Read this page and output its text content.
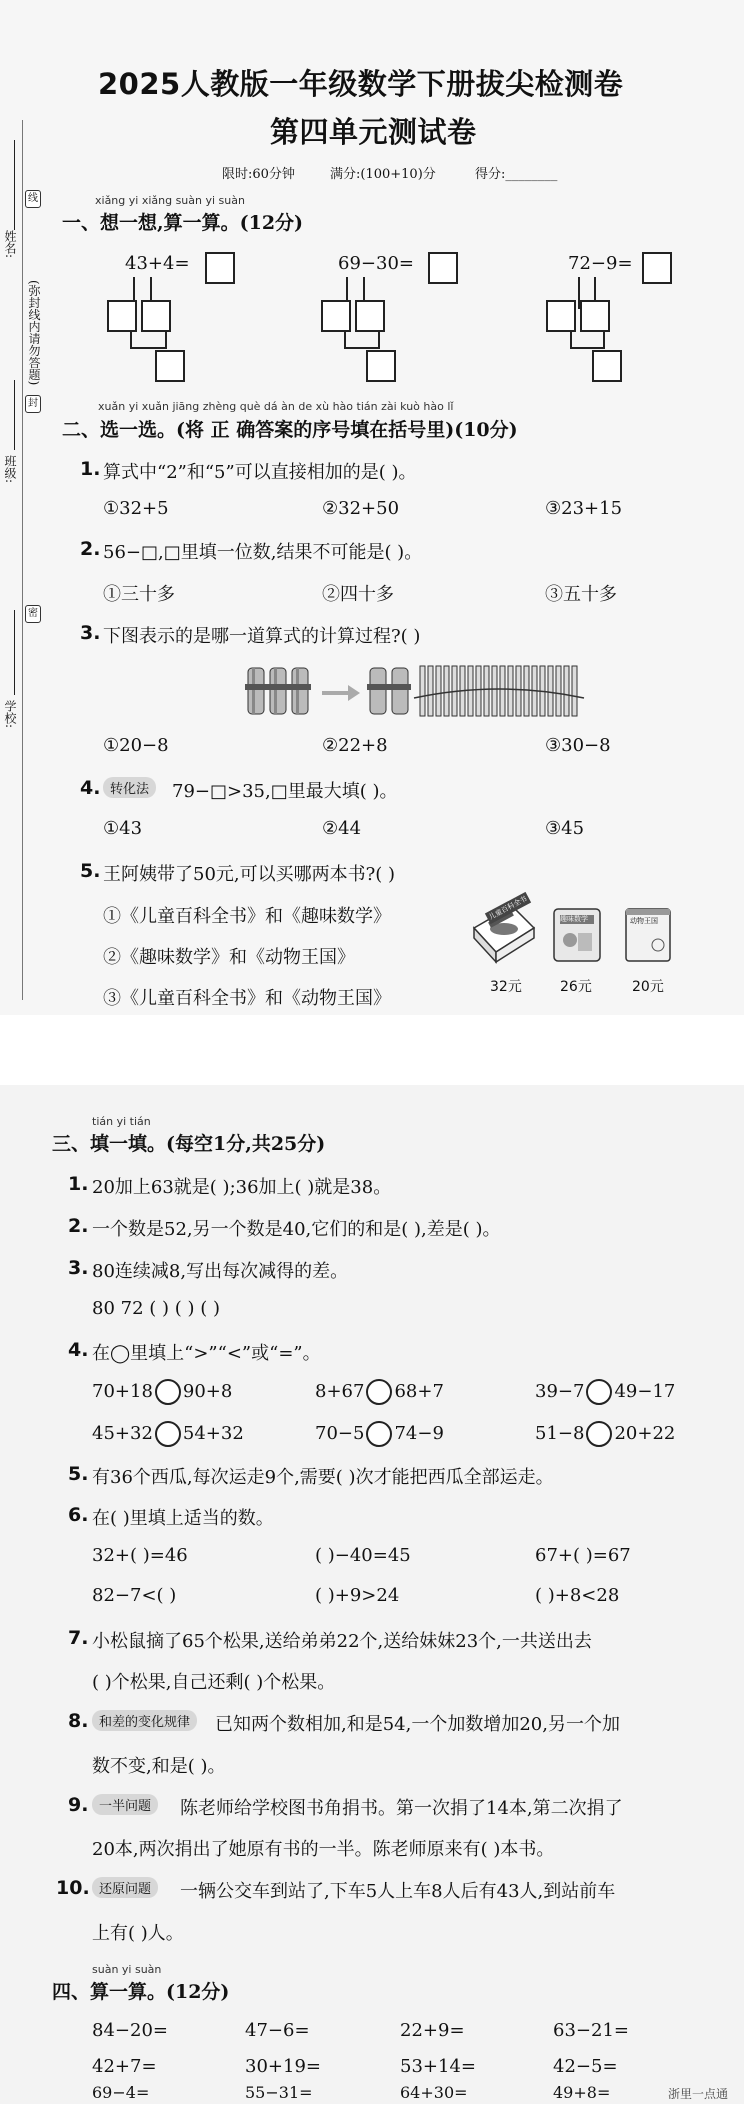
姓名:
线
(弥封线内请勿答题)
封
班级:
密
学校:
2025人教版一年级数学下册拔尖检测卷
第四单元测试卷
限时:60分钟	满分:(100+10)分	得分:________
xiǎng yi xiǎng suàn yi suàn
一、想一想,算一算。(12分)
43+4=	69−30=	72−9=
xuǎn yi xuǎn jiāng zhèng què dá àn de xù hào tián zài kuò hào lǐ
二、选一选。(将 正 确答案的序号填在括号里)(10分)
1. 算式中“2”和“5”可以直接相加的是( )。
①32+5	②32+50	③23+15
2. 56−□,□里填一位数,结果不可能是( )。
①三十多	②四十多	③五十多
3. 下图表示的是哪一道算式的计算过程?( )
①20−8	②22+8	③30−8
4. 转化法	79−□>35,□里最大填( )。
①43	②44	③45
5. 王阿姨带了50元,可以买哪两本书?( )
①《儿童百科全书》和《趣味数学》
②《趣味数学》和《动物王国》
③《儿童百科全书》和《动物王国》
儿童百科全书	趣味数学	动物王国
32元	26元	20元
tián yi tián
三、填一填。(每空1分,共25分)
1. 20加上63就是( );36加上( )就是38。
2. 一个数是52,另一个数是40,它们的和是( ),差是( )。
3. 80连续减8,写出每次减得的差。
80 72 ( ) ( ) ( )
4. 在◯里填上“>”“<”或“=”。
70+18 90+8	8+67 68+7	39−7 49−17
45+32 54+32	70−5 74−9	51−8 20+22
5. 有36个西瓜,每次运走9个,需要( )次才能把西瓜全部运走。
6. 在( )里填上适当的数。
32+( )=46	( )−40=45	67+( )=67
82−7<( )	( )+9>24	( )+8<28
7. 小松鼠摘了65个松果,送给弟弟22个,送给妹妹23个,一共送出去
( )个松果,自己还剩( )个松果。
8. 和差的变化规律	已知两个数相加,和是54,一个加数增加20,另一个加
数不变,和是( )。
9. 一半问题	陈老师给学校图书角捐书。第一次捐了14本,第二次捐了
20本,两次捐出了她原有书的一半。陈老师原来有( )本书。
10. 还原问题	一辆公交车到站了,下车5人上车8人后有43人,到站前车
上有( )人。
suàn yi suàn
四、算一算。(12分)
84−20=	47−6=	22+9=	63−21=
42+7=	30+19=	53+14=	42−5=
69−4=	55−31=	64+30=	49+8=	浙里一点通
